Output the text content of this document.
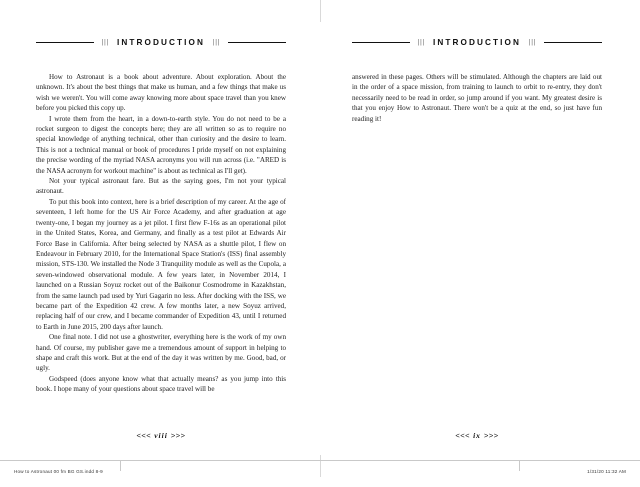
||| INTRODUCTION |||

How to Astronaut is a book about adventure. About exploration. About the unknown. It's about the best things that make us human, and a few things that make us wish we weren't. You will come away knowing more about space travel than you knew before you picked this copy up.

I wrote them from the heart, in a down-to-earth style. You do not need to be a rocket surgeon to digest the concepts here; they are all written so as to require no special knowledge of anything technical, other than curiosity and the desire to learn. This is not a technical manual or book of procedures I pride myself on not explaining the precise wording of the myriad NASA acronyms you will run across (i.e. "ARED is the NASA acronym for workout machine" is about as technical as I'll get).

Not your typical astronaut fare. But as the saying goes, I'm not your typical astronaut.

To put this book into context, here is a brief description of my career. At the age of seventeen, I left home for the US Air Force Academy, and after graduation at age twenty-one, I began my journey as a jet pilot. I first flew F-16s as an operational pilot in the United States, Korea, and Germany, and finally as a test pilot at Edwards Air Force Base in California. After being selected by NASA as a shuttle pilot, I flew on Endeavour in February 2010, for the International Space Station's (ISS) final assembly mission, STS-130. We installed the Node 3 Tranquility module as well as the Cupola, a seven-windowed observational module. A few years later, in November 2014, I launched on a Russian Soyuz rocket out of the Baikonur Cosmodrome in Kazakhstan, from the same launch pad used by Yuri Gagarin no less. After docking with the ISS, we became part of the Expedition 42 crew. A few months later, a new Soyuz arrived, replacing half of our crew, and I became commander of Expedition 43, until I returned to Earth in June 2015, 200 days after launch.

One final note. I did not use a ghostwriter, everything here is the work of my own hand. Of course, my publisher gave me a tremendous amount of support in helping to shape and craft this work. But at the end of the day it was written by me. Good, bad, or ugly.

Godspeed (does anyone know what that actually means? as you jump into this book. I hope many of your questions about space travel will be

<<< viii >>>
||| INTRODUCTION |||

answered in these pages. Others will be stimulated. Although the chapters are laid out in the order of a space mission, from training to launch to orbit to re-entry, they don't necessarily need to be read in order, so jump around if you want. My greatest desire is that you enjoy How to Astronaut. There won't be a quiz at the end, so just have fun reading it!

<<< ix >>>
How to Astronaut 00 fm BG GS.indd 8-9	1/31/20 11:32 AM
